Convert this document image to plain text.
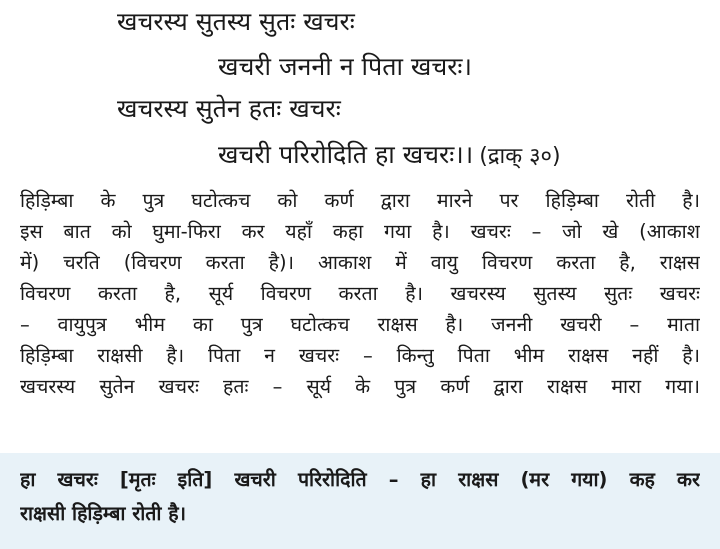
खचरस्य सुतस्य सुतः खचरः
खचरी जननी न पिता खचरः।
खचरस्य सुतेन हतः खचरः
खचरी परिरोदिति हा खचरः।। (द्राक् ३०)
हिड़िम्बा के पुत्र घटोत्कच को कर्ण द्वारा मारने पर हिड़िम्बा रोती है।
इस बात को घुमा-फिरा कर यहाँ कहा गया है। खचरः – जो खे (आकाश
में) चरति (विचरण करता है)। आकाश में वायु विचरण करता है, राक्षस
विचरण करता है, सूर्य विचरण करता है। खचरस्य सुतस्य सुतः खचरः
– वायुपुत्र भीम का पुत्र घटोत्कच राक्षस है। जननी खचरी – माता
हिड़िम्बा राक्षसी है। पिता न खचरः – किन्तु पिता भीम राक्षस नहीं है।
खचरस्य सुतेन खचरः हतः – सूर्य के पुत्र कर्ण द्वारा राक्षस मारा गया।
हा खचरः [मृतः इति] खचरी परिरोदिति – हा राक्षस (मर गया) कह कर
राक्षसी हिड़िम्बा रोती है।
